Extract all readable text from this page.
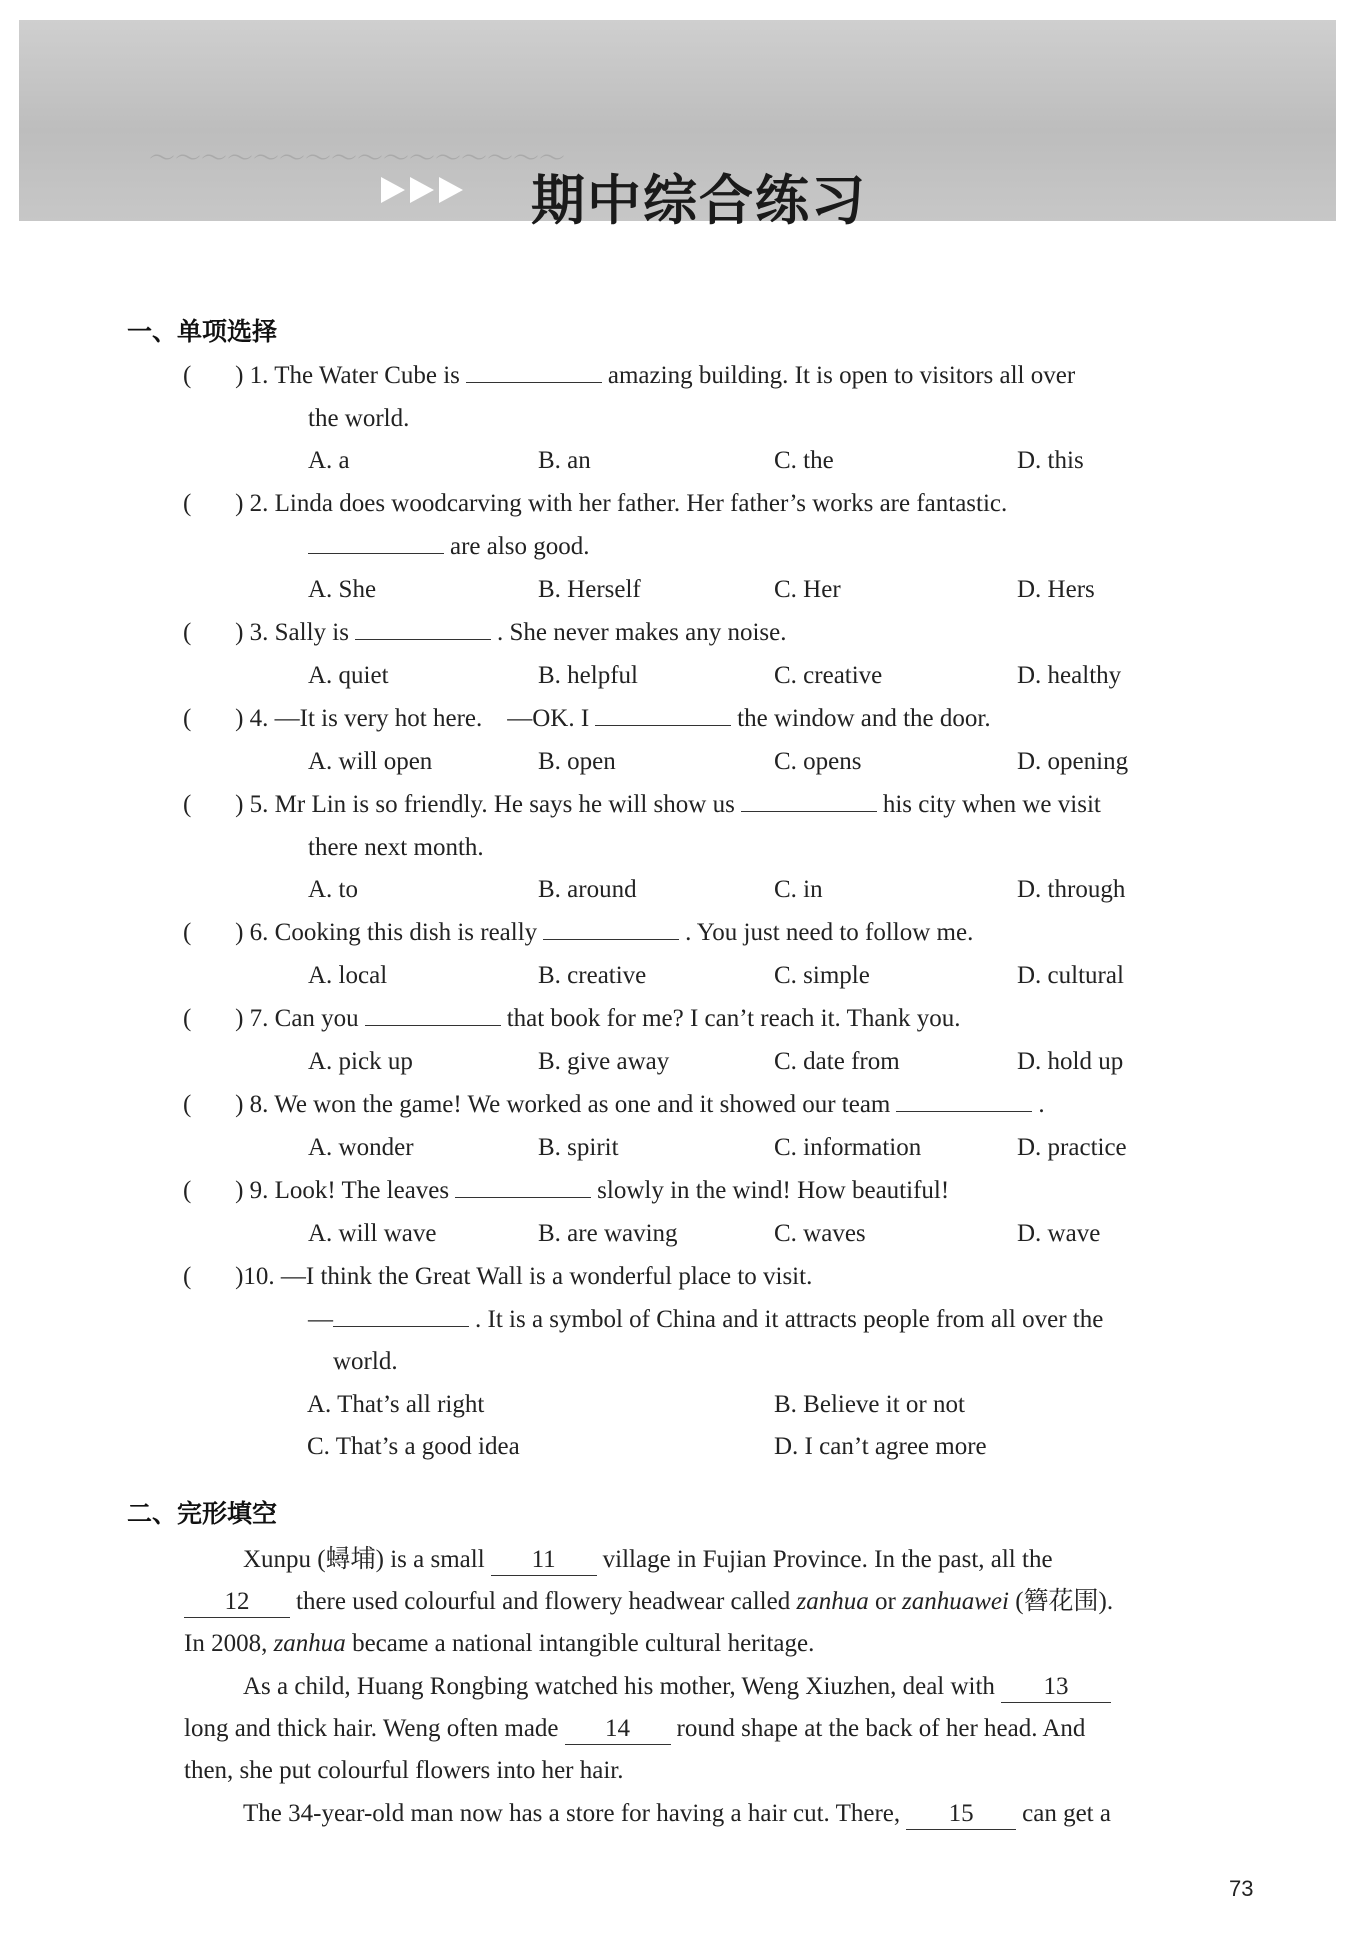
～～～～～～～～～～～～～～～～
期中综合练习
一、单项选择
(       ) 1. The Water Cube is	amazing building. It is open to visitors all over
the world.
A. a	B. an	C. the	D. this
(       ) 2. Linda does woodcarving with her father. Her father’s works are fantastic.
are also good.
A. She	B. Herself	C. Her	D. Hers
(       ) 3. Sally is	. She never makes any noise.
A. quiet	B. helpful	C. creative	D. healthy
(       ) 4. —It is very hot here.    —OK. I	the window and the door.
A. will open	B. open	C. opens	D. opening
(       ) 5. Mr Lin is so friendly. He says he will show us	his city when we visit
there next month.
A. to	B. around	C. in	D. through
(       ) 6. Cooking this dish is really	. You just need to follow me.
A. local	B. creative	C. simple	D. cultural
(       ) 7. Can you	that book for me? I can’t reach it. Thank you.
A. pick up	B. give away	C. date from	D. hold up
(       ) 8. We won the game! We worked as one and it showed our team	.
A. wonder	B. spirit	C. information	D. practice
(       ) 9. Look! The leaves	slowly in the wind! How beautiful!
A. will wave	B. are waving	C. waves	D. wave
(       )10. —I think the Great Wall is a wonderful place to visit.
—	. It is a symbol of China and it attracts people from all over the
world.
A. That’s all right	B. Believe it or not
C. That’s a good idea	D. I can’t agree more
二、完形填空
Xunpu (蟳埔) is a small 11 village in Fujian Province. In the past, all the
12 there used colourful and flowery headwear called zanhua or zanhuawei (簪花围).
In 2008, zanhua became a national intangible cultural heritage.
As a child, Huang Rongbing watched his mother, Weng Xiuzhen, deal with 13
long and thick hair. Weng often made 14 round shape at the back of her head. And
then, she put colourful flowers into her hair.
The 34-year-old man now has a store for having a hair cut. There, 15 can get a
73
